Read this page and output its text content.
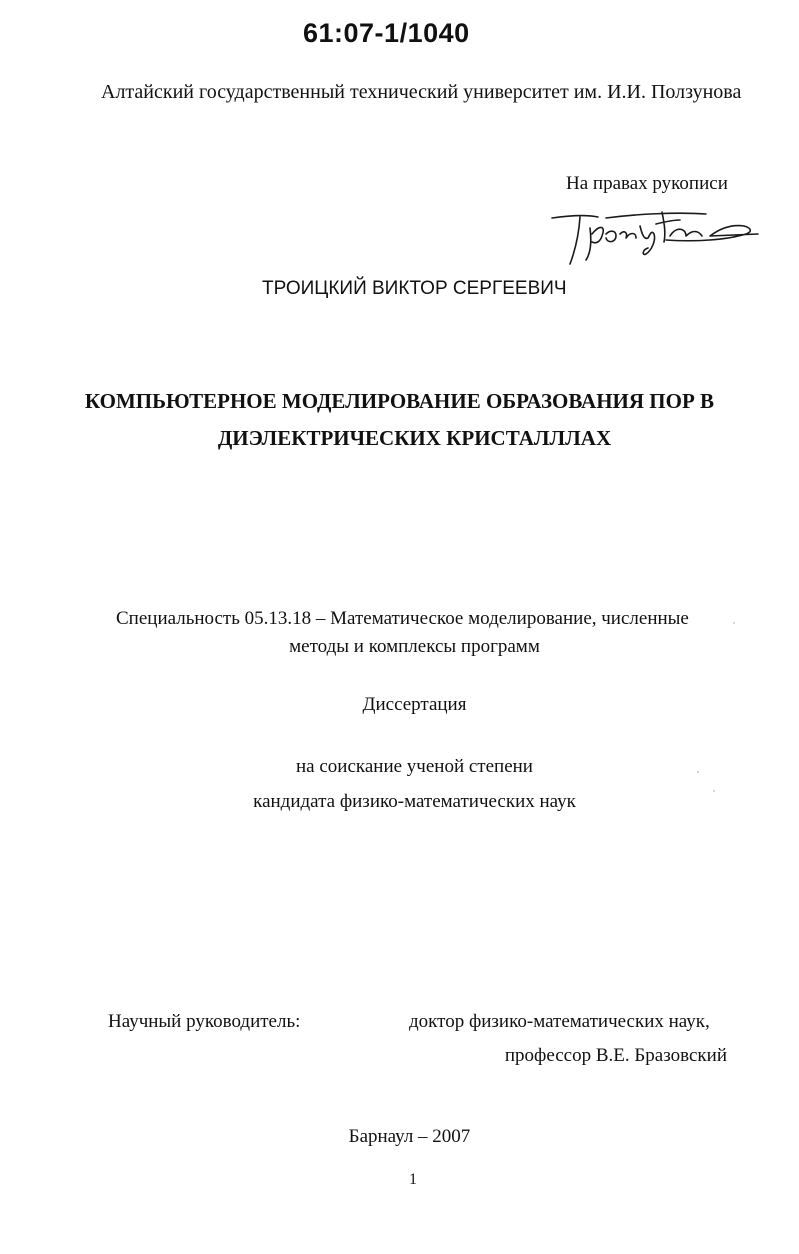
61:07-1/1040
Алтайский государственный технический университет им. И.И. Ползунова
На правах рукописи
ТРОИЦКИЙ ВИКТОР СЕРГЕЕВИЧ
КОМПЬЮТЕРНОЕ МОДЕЛИРОВАНИЕ ОБРАЗОВАНИЯ ПОР В
ДИЭЛЕКТРИЧЕСКИХ КРИСТАЛЛЛАХ
Специальность 05.13.18 – Математическое моделирование, численные
методы и комплексы программ
Диссертация
на соискание ученой степени
кандидата физико-математических наук
Научный руководитель:	доктор физико-математических наук,
профессор В.Е. Бразовский
Барнаул – 2007
1
